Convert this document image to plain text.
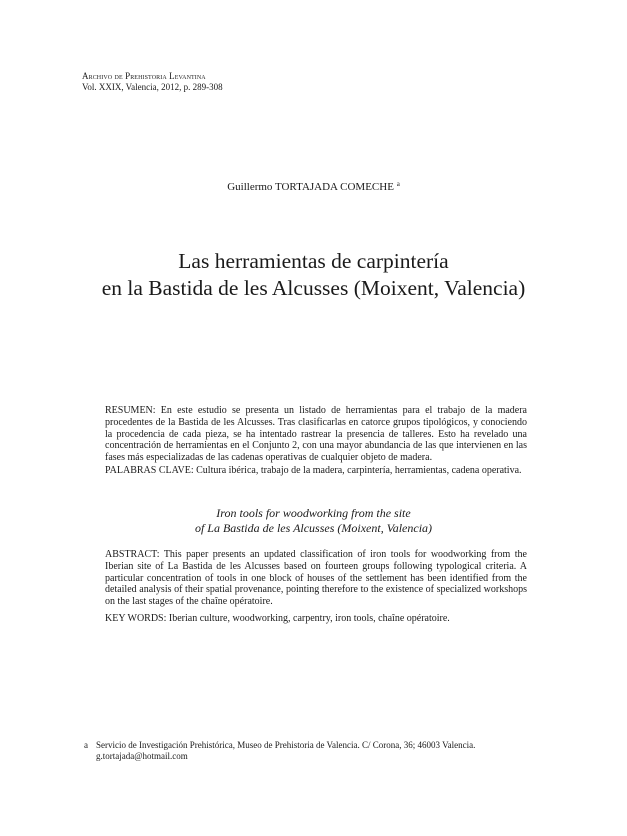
Archivo de Prehistoria Levantina
Vol. XXIX, Valencia, 2012, p. 289-308
Guillermo TORTAJADA COMECHE $^a$
Las herramientas de carpintería
en la Bastida de les Alcusses (Moixent, Valencia)

RESUMEN: En este estudio se presenta un listado de herramientas para el trabajo de la madera procedentes de la Bastida de les Alcusses. Tras clasificarlas en catorce grupos tipológicos, y conociendo la procedencia de cada pieza, se ha intentado rastrear la presencia de talleres. Esto ha revelado una concentración de herramientas en el Conjunto 2, con una mayor abundancia de las que intervienen en las fases más especializadas de las cadenas operativas de cualquier objeto de madera.

PALABRAS CLAVE: Cultura ibérica, trabajo de la madera, carpintería, herramientas, cadena operativa.

Iron tools for woodworking from the site
of La Bastida de les Alcusses (Moixent, Valencia)

ABSTRACT: This paper presents an updated classification of iron tools for woodworking from the Iberian site of La Bastida de les Alcusses based on fourteen groups following typological criteria. A particular concentration of tools in one block of houses of the settlement has been identified from the detailed analysis of their spatial provenance, pointing therefore to the existence of specialized workshops on the last stages of the chaîne opératoire.

KEY WORDS: Iberian culture, woodworking, carpentry, iron tools, chaîne opératoire.

a Servicio de Investigación Prehistórica, Museo de Prehistoria de Valencia. C/ Corona, 36; 46003 Valencia.
g.tortajada@hotmail.com
